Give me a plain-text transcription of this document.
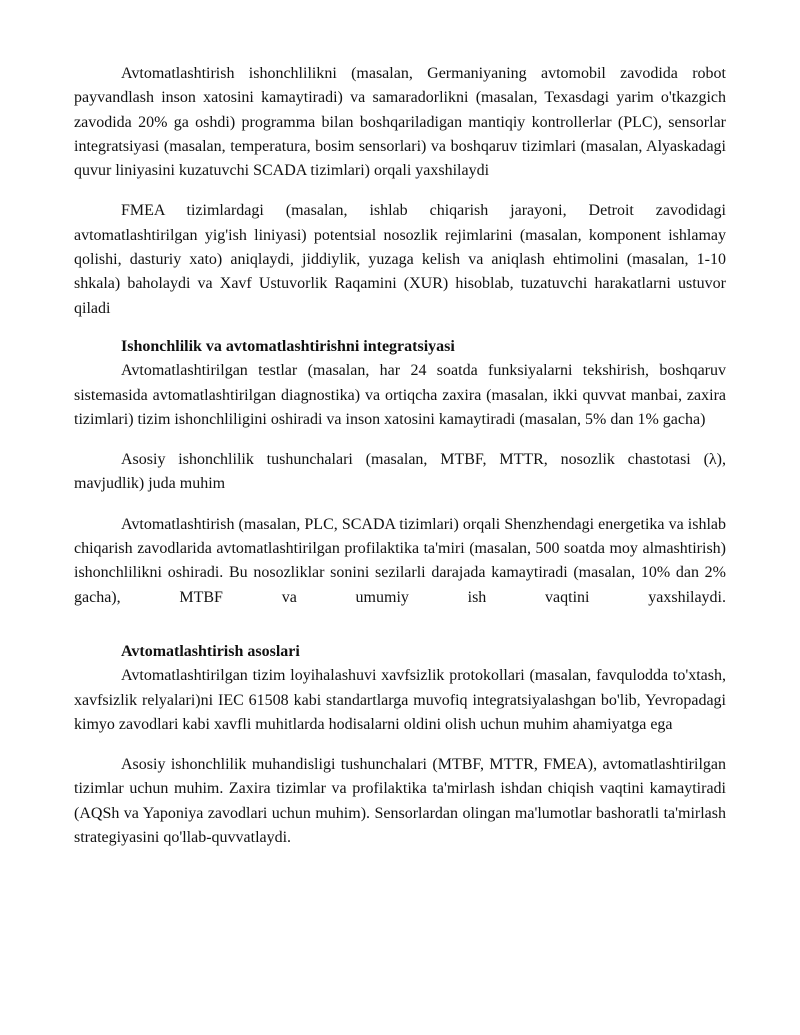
Avtomatlashtirish ishonchlilikni (masalan, Germaniyaning avtomobil zavodida robot payvandlash inson xatosini kamaytiradi) va samaradorlikni (masalan, Texasdagi yarim o'tkazgich zavodida 20% ga oshdi) programma bilan boshqariladigan mantiqiy kontrollerlar (PLC), sensorlar integratsiyasi (masalan, temperatura, bosim sensorlari) va boshqaruv tizimlari (masalan, Alyaskadagi quvur liniyasini kuzatuvchi SCADA tizimlari) orqali yaxshilaydi

FMEA tizimlardagi (masalan, ishlab chiqarish jarayoni, Detroit zavodidagi avtomatlashtirilgan yig'ish liniyasi) potentsial nosozlik rejimlarini (masalan, komponent ishlamay qolishi, dasturiy xato) aniqlaydi, jiddiylik, yuzaga kelish va aniqlash ehtimolini (masalan, 1-10 shkala) baholaydi va Xavf Ustuvorlik Raqamini (XUR) hisoblab, tuzatuvchi harakatlarni ustuvor qiladi

Ishonchlilik va avtomatlashtirishni integratsiyasi

Avtomatlashtirilgan testlar (masalan, har 24 soatda funksiyalarni tekshirish, boshqaruv sistemasida avtomatlashtirilgan diagnostika) va ortiqcha zaxira (masalan, ikki quvvat manbai, zaxira tizimlari) tizim ishonchliligini oshiradi va inson xatosini kamaytiradi (masalan, 5% dan 1% gacha)

Asosiy ishonchlilik tushunchalari (masalan, MTBF, MTTR, nosozlik chastotasi (λ), mavjudlik) juda muhim

Avtomatlashtirish (masalan, PLC, SCADA tizimlari) orqali Shenzhendagi energetika va ishlab chiqarish zavodlarida avtomatlashtirilgan profilaktika ta'miri (masalan, 500 soatda moy almashtirish) ishonchlilikni oshiradi. Bu nosozliklar sonini sezilarli darajada kamaytiradi (masalan, 10% dan 2% gacha), MTBF va umumiy ish vaqtini yaxshilaydi.

Avtomatlashtirish asoslari

Avtomatlashtirilgan tizim loyihalashuvi xavfsizlik protokollari (masalan, favqulodda to'xtash, xavfsizlik relyalari)ni IEC 61508 kabi standartlarga muvofiq integratsiyalashgan bo'lib, Yevropadagi kimyo zavodlari kabi xavfli muhitlarda hodisalarni oldini olish uchun muhim ahamiyatga ega

Asosiy ishonchlilik muhandisligi tushunchalari (MTBF, MTTR, FMEA), avtomatlashtirilgan tizimlar uchun muhim. Zaxira tizimlar va profilaktika ta'mirlash ishdan chiqish vaqtini kamaytiradi (AQSh va Yaponiya zavodlari uchun muhim). Sensorlardan olingan ma'lumotlar bashoratli ta'mirlash strategiyasini qo'llab-quvvatlaydi.
